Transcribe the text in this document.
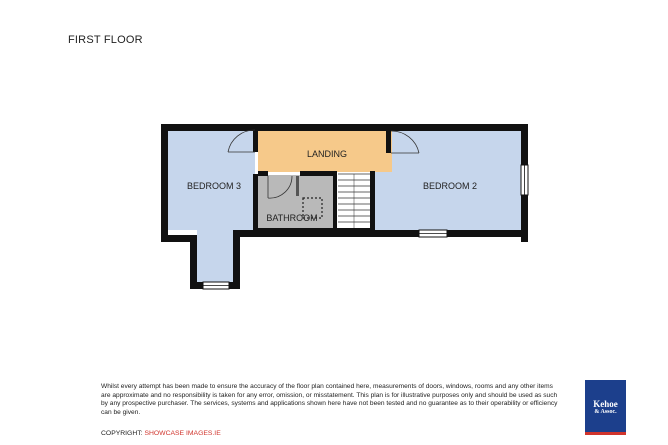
FIRST FLOOR
LANDING
BEDROOM 3	BEDROOM 2
BATHROOM
Whilst every attempt has been made to ensure the accuracy of the floor plan contained here, measurements of doors, windows, rooms and any other items are approximate and no responsibility is taken for any error, omission, or misstatement. This plan is for illustrative purposes only and should be used as such by any prospective purchaser. The services, systems and applications shown here have not been tested and no guarantee as to their operability or efficiency can be given.
COPYRIGHT: SHOWCASE IMAGES.IE
Kehoe
& Assoc.
